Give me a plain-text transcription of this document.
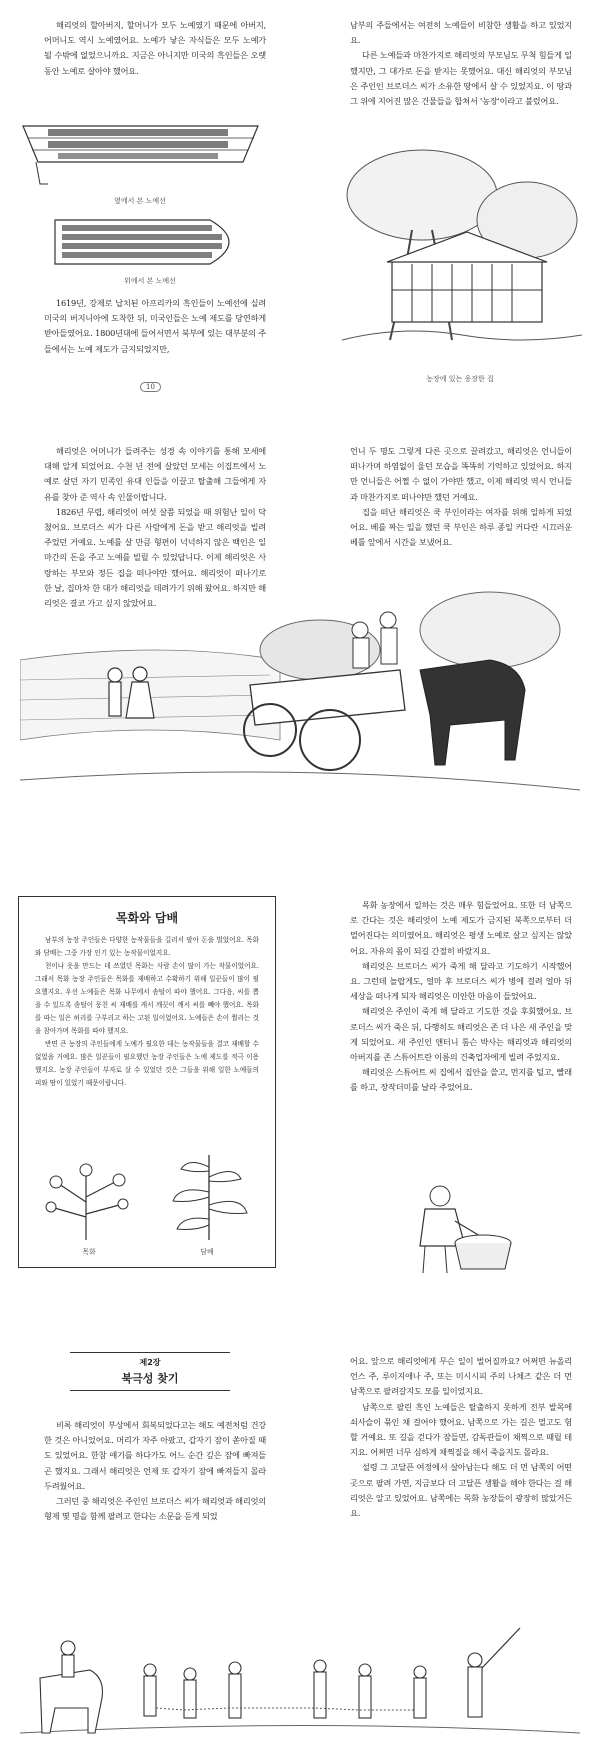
해리엇의 할아버지, 할머니가 모두 노예였기 때문에 아버지, 어머니도 역시 노예였어요. 노예가 낳은 자식들은 모두 노예가 될 수밖에 없었으니까요. 지금은 아니지만 미국의 흑인들은 오랫동안 노예로 살아야 했어요.

옆에서 본 노예선
위에서 본 노예선

1619년, 강제로 납치된 아프리카의 흑인들이 노예선에 실려 미국의 버지니아에 도착한 뒤, 미국인들은 노예 제도를 당연하게 받아들였어요. 1800년대에 들어서면서 북부에 있는 대부분의 주들에서는 노예 제도가 금지되었지만,

10

남부의 주들에서는 여전히 노예들이 비참한 생활을 하고 있었지요.

다른 노예들과 마찬가지로 해리엇의 부모님도 무척 힘들게 일했지만, 그 대가로 돈을 받지는 못했어요. 대신 해리엇의 부모님은 주인인 브로더스 씨가 소유한 땅에서 살 수 있었지요. 이 땅과 그 위에 지어진 많은 건물들을 합쳐서 '농장'이라고 불렀어요.

농장에 있는 웅장한 집

해리엇은 어머니가 들려주는 성경 속 이야기를 통해 모세에 대해 알게 되었어요. 수천 년 전에 살았던 모세는 이집트에서 노예로 살던 자기 민족인 유대 인들을 이끌고 탈출해 그들에게 자유를 찾아 준 역사 속 인물이랍니다.

1826년 무렵, 해리엇이 여섯 살쯤 되었을 때 위험난 일이 닥쳤어요. 브로더스 씨가 다른 사람에게 돈을 받고 해리엇을 빌려 주었던 거예요. 노예를 살 만큼 형편이 넉넉하지 않은 백인은 일마간의 돈을 주고 노예를 빌릴 수 있었답니다. 이제 해리엇은 사랑하는 부모와 정든 집을 떠나야만 했어요. 해리엇이 떠나기로 한 날, 집마차 한 대가 해리엇을 데려가기 위해 왔어요. 하지만 해리엇은 결코 가고 싶지 않았어요.

언니 두 명도 그렇게 다른 곳으로 끌려갔고, 해리엇은 언니들이 떠나가며 하염없이 울던 모습을 똑똑히 기억하고 있었어요. 하지만 언니들은 어쩔 수 없이 가야만 했고, 이제 해리엇 역시 언니들과 마찬가지로 떠나야만 했던 거예요.

집을 떠난 해리엇은 쿡 부인이라는 여자를 위해 일하게 되었어요. 베를 짜는 일을 했던 쿡 부인은 하루 종일 커다란 시끄러운 베틀 앞에서 시간을 보냈어요.

목화와 담배

남부의 농장 주인들은 다양한 농작물들을 길러서 팔아 돈을 벌었어요. 목화와 담배는 그중 가장 인기 있는 농작물이었지요.

천이나 옷을 만드는 데 쓰였던 목화는 사람 손이 많이 가는 작물이었어요. 그래서 목화 농장 주인들은 목화를 재배하고 수확하기 위해 일꾼들이 많이 필요했지요. 우선 노예들은 목화 나무에서 솜털이 따야 했어요. 그다음, 씨를 뽑을 수 있도록 솜털이 뭉친 씨 재배를 캐서 깨끗이 깨서 씨를 빼야 했어요. 목화를 따는 일은 허리를 구부리고 하는 고된 일이었어요. 노예들은 손이 찔리는 것을 참아가며 목화를 따야 했지요.

반면 큰 농장의 주인들에게 노예가 필요한 데는 농작물들을 결코 재배할 수 없었을 거예요. 많은 일꾼들이 필요했던 농장 주인들은 노예 제도를 적극 이용했지요. 농장 주인들이 부자로 살 수 있었던 것은 그들을 위해 일한 노예들의 피와 땀이 있었기 때문이랍니다.

목화	담배

목화 농장에서 일하는 것은 매우 힘들었어요. 또한 더 남쪽으로 간다는 것은 해리엇이 노예 제도가 금지된 북쪽으로부터 더 멀어진다는 의미였어요. 해리엇은 평생 노예로 살고 싶지는 않았어요. 자유의 몸이 되길 간절히 바랐지요.

해리엇은 브로더스 씨가 죽게 해 달라고 기도하기 시작했어요. 그런데 놀랍게도, 얼마 후 브로더스 씨가 병에 걸려 얼마 뒤 세상을 떠나게 되자 해리엇은 미안한 마음이 들었어요.

해리엇은 주인이 죽게 해 달라고 기도한 것을 후회했어요. 브로더스 씨가 죽은 뒤, 다행히도 해리엇은 존 더 나은 새 주인을 맞게 되었어요. 새 주인인 앤터니 톰슨 박사는 해리엇과 해리엇의 아버지를 존 스튜어트란 이름의 건축업자에게 빌려 주었지요.

해리엇은 스튜어트 씨 집에서 집안을 쓸고, 먼지를 털고, 빨래를 하고, 장작더미를 날라 주었어요.

제2장
북극성 찾기

비록 해리엇이 부상에서 회복되었다고는 해도 예전처럼 건강한 것은 아니었어요. 머리가 자주 아팠고, 갑자기 잠이 쏟아질 때도 있었어요. 한참 얘기를 하다가도 어느 순간 깊은 잠에 빠져들곤 했지요. 그래서 해리엇은 언제 또 갑자기 잠에 빠져들지 몰라 두려웠어요.

그러던 중 해리엇은 주인인 브로더스 씨가 해리엇과 해리엇의 형제 몇 명을 함께 팔려고 한다는 소문을 듣게 되었

어요. 앞으로 해리엇에게 무슨 일이 벌어질까요? 어쩌면 뉴올리언스 주, 루이지애나 주, 또는 미시시피 주의 나체즈 같은 더 먼 남쪽으로 팔려갈지도 모를 일이었지요.

남쪽으로 팔린 흑인 노예들은 탈출하지 못하게 전부 발목에 쇠사슬이 묶인 채 걸어야 했어요. 남쪽으로 가는 길은 멀고도 험할 거예요. 또 길을 걷다가 잠들면, 감독관들이 채찍으로 때릴 테지요. 어쩌면 너무 심하게 채찍질을 해서 죽을지도 몰라요.

설령 그 고달픈 여정에서 살아남는다 해도 더 먼 남쪽의 어떤 곳으로 팔려 가면, 지금보다 더 고달픈 생활을 해야 한다는 걸 해리엇은 알고 있었어요. 남쪽에는 목화 농장들이 광장히 많았거든요.
